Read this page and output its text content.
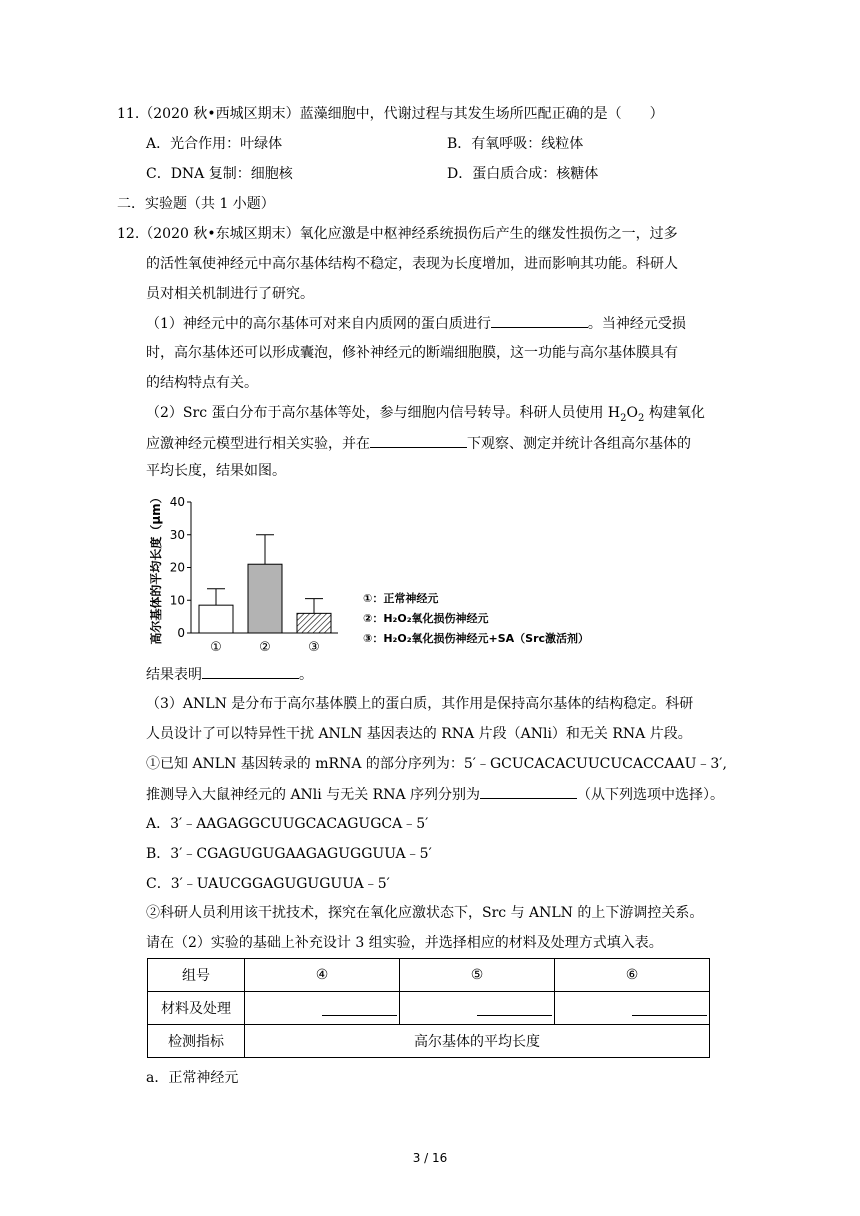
11.（2020 秋•西城区期末）蓝藻细胞中，代谢过程与其发生场所匹配正确的是（　　）
A．光合作用：叶绿体	B．有氧呼吸：线粒体
C．DNA 复制：细胞核	D．蛋白质合成：核糖体
二．实验题（共 1 小题）
12.（2020 秋•东城区期末）氧化应激是中枢神经系统损伤后产生的继发性损伤之一，过多
的活性氧使神经元中高尔基体结构不稳定，表现为长度增加，进而影响其功能。科研人
员对相关机制进行了研究。
（1）神经元中的高尔基体可对来自内质网的蛋白质进行	。当神经元受损
时，高尔基体还可以形成囊泡，修补神经元的断端细胞膜，这一功能与高尔基体膜具有
的结构特点有关。
（2）Src 蛋白分布于高尔基体等处，参与细胞内信号转导。科研人员使用 $H_2O_2$ 构建氧化
应激神经元模型进行相关实验，并在	下观察、测定并统计各组高尔基体的
平均长度，结果如图。
0
10
20
30
40
①	②	③
高尔基体的平均长度（μm）	①：正常神经元
②：H₂O₂氧化损伤神经元
③：H₂O₂氧化损伤神经元+SA（Src激活剂）
结果表明	。
（3）ANLN 是分布于高尔基体膜上的蛋白质，其作用是保持高尔基体的结构稳定。科研
人员设计了可以特异性干扰 ANLN 基因表达的 RNA 片段（ANli）和无关 RNA 片段。
①已知 ANLN 基因转录的 mRNA 的部分序列为：5′﹣GCUCACACUUCUCACCAAU﹣3′,
推测导入大鼠神经元的 ANli 与无关 RNA 序列分别为	（从下列选项中选择）。
A．3′﹣AAGAGGCUUGCACAGUGCA﹣5′
B．3′﹣CGAGUGUGAAGAGUGGUUA﹣5′
C．3′﹣UAUCGGAGUGUGUUA﹣5′
②科研人员利用该干扰技术，探究在氧化应激状态下，Src 与 ANLN 的上下游调控关系。
请在（2）实验的基础上补充设计 3 组实验，并选择相应的材料及处理方式填入表。
组号	④	⑤	⑥
材料及处理	

检测指标	高尔基体的平均长度		
a．正常神经元
3 / 16
